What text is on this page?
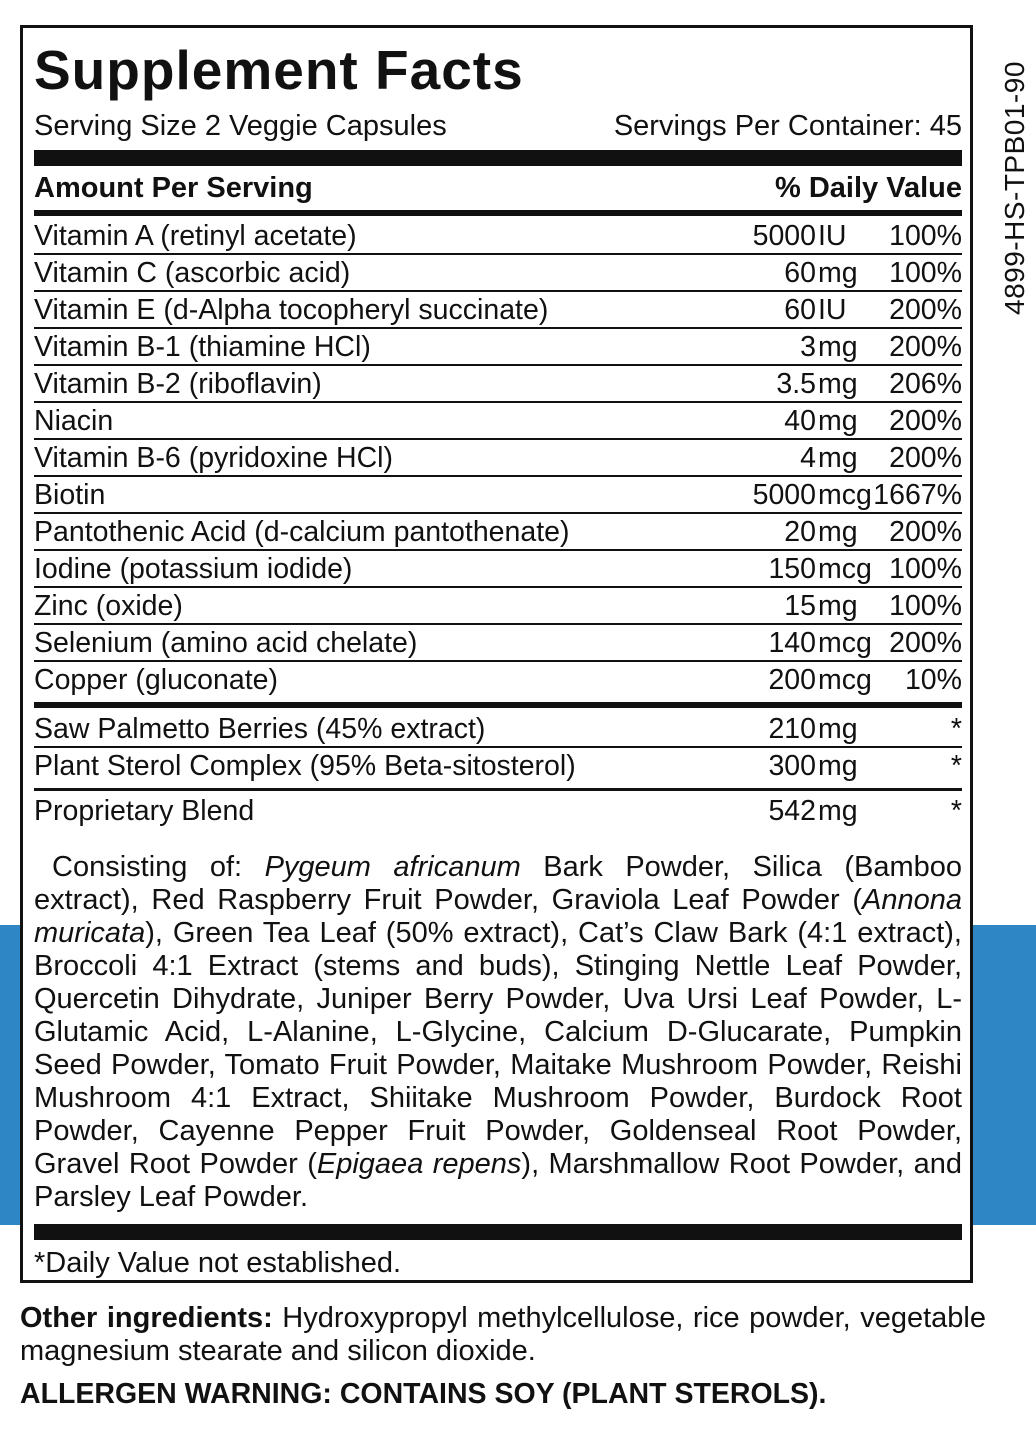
Supplement Facts
Serving Size 2 Veggie Capsules	Servings Per Container: 45
Amount Per Serving	% Daily Value
Vitamin A (retinyl acetate)	5000 IU 100%
Vitamin C (ascorbic acid)	60 mg 100%
Vitamin E (d-Alpha tocopheryl succinate)	60 IU 200%
Vitamin B-1 (thiamine HCl)	3 mg 200%
Vitamin B-2 (riboflavin)	3.5 mg 206%
Niacin	40 mg 200%
Vitamin B-6 (pyridoxine HCl)	4 mg 200%
Biotin	5000 mcg 1667%
Pantothenic Acid (d-calcium pantothenate)	20 mg 200%
Iodine (potassium iodide)	150 mcg 100%
Zinc (oxide)	15 mg 100%
Selenium (amino acid chelate)	140 mcg 200%
Copper (gluconate)	200 mcg 10%
Saw Palmetto Berries (45% extract)	210 mg	*
Plant Sterol Complex (95% Beta-sitosterol)	300 mg	*
Proprietary Blend	542 mg	*
Consisting of: Pygeum africanum Bark Powder, Silica (Bamboo extract), Red Raspberry Fruit Powder, Graviola Leaf Powder (Annona muricata), Green Tea Leaf (50% extract), Cat’s Claw Bark (4:1 extract), Broccoli 4:1 Extract (stems and buds), Stinging Nettle Leaf Powder, Quercetin Dihydrate, Juniper Berry Powder, Uva Ursi Leaf Powder, L-Glutamic Acid, L-Alanine, L-Glycine, Calcium D-Glucarate, Pumpkin Seed Powder, Tomato Fruit Powder, Maitake Mushroom Powder, Reishi Mushroom 4:1 Extract, Shiitake Mushroom Powder, Burdock Root Powder, Cayenne Pepper Fruit Powder, Goldenseal Root Powder, Gravel Root Powder (Epigaea repens), Marshmallow Root Powder, and Parsley Leaf Powder.
*Daily Value not established.
4899-HS-TPB01-90
Other ingredients: Hydroxypropyl methylcellulose, rice powder, vegetable magnesium stearate and silicon dioxide.
ALLERGEN WARNING: CONTAINS SOY (PLANT STEROLS).
